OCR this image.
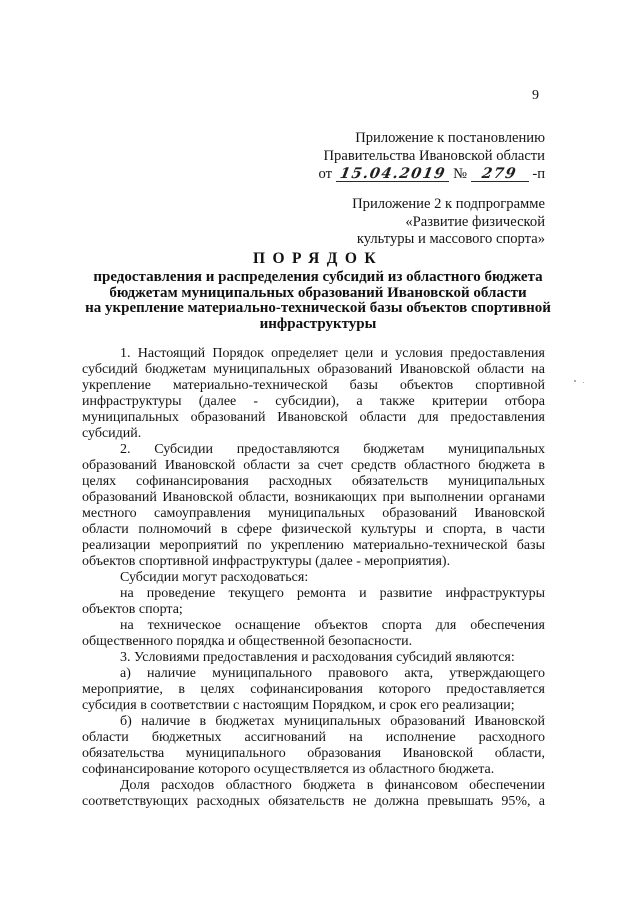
9
Приложение к постановлению
Правительства Ивановской области
от 15.04.2019 № 279 -п
Приложение 2 к подпрограмме
«Развитие физической
культуры и массового спорта»
ПОРЯДОК
предоставления и распределения субсидий из областного бюджета
бюджетам муниципальных образований Ивановской области
на укрепление материально-технической базы объектов спортивной
инфраструктуры
1. Настоящий Порядок определяет цели и условия предоставления
субсидий бюджетам муниципальных образований Ивановской области на
укрепление материально-технической базы объектов спортивной
инфраструктуры (далее - субсидии), а также критерии отбора
муниципальных образований Ивановской области для предоставления
субсидий.
2. Субсидии предоставляются бюджетам муниципальных
образований Ивановской области за счет средств областного бюджета в
целях софинансирования расходных обязательств муниципальных
образований Ивановской области, возникающих при выполнении органами
местного самоуправления муниципальных образований Ивановской
области полномочий в сфере физической культуры и спорта, в части
реализации мероприятий по укреплению материально-технической базы
объектов спортивной инфраструктуры (далее - мероприятия).
Субсидии могут расходоваться:
на проведение текущего ремонта и развитие инфраструктуры
объектов спорта;
на техническое оснащение объектов спорта для обеспечения
общественного порядка и общественной безопасности.
3. Условиями предоставления и расходования субсидий являются:
а) наличие муниципального правового акта, утверждающего
мероприятие, в целях софинансирования которого предоставляется
субсидия в соответствии с настоящим Порядком, и срок его реализации;
б) наличие в бюджетах муниципальных образований Ивановской
области бюджетных ассигнований на исполнение расходного
обязательства муниципального образования Ивановской области,
софинансирование которого осуществляется из областного бюджета.
Доля расходов областного бюджета в финансовом обеспечении
соответствующих расходных обязательств не должна превышать 95%, а
